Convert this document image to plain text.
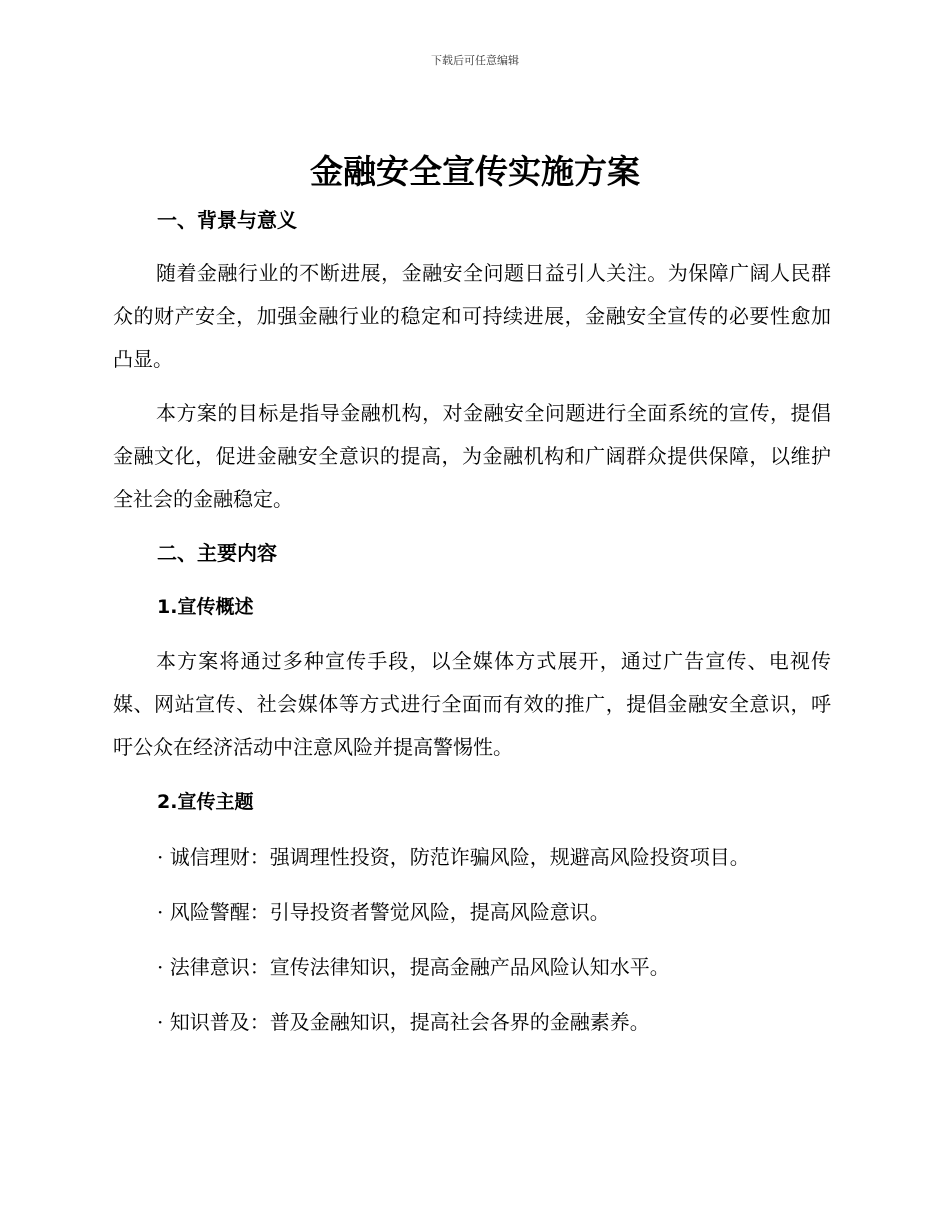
下载后可任意编辑
金融安全宣传实施方案
一、背景与意义

随着金融行业的不断进展，金融安全问题日益引人关注。为保障广阔人民群众的财产安全，加强金融行业的稳定和可持续进展，金融安全宣传的必要性愈加凸显。

本方案的目标是指导金融机构，对金融安全问题进行全面系统的宣传，提倡金融文化，促进金融安全意识的提高，为金融机构和广阔群众提供保障，以维护全社会的金融稳定。

二、主要内容
1.宣传概述

本方案将通过多种宣传手段，以全媒体方式展开，通过广告宣传、电视传媒、网站宣传、社会媒体等方式进行全面而有效的推广，提倡金融安全意识，呼吁公众在经济活动中注意风险并提高警惕性。

2.宣传主题

· 诚信理财：强调理性投资，防范诈骗风险，规避高风险投资项目。

· 风险警醒：引导投资者警觉风险，提高风险意识。

· 法律意识：宣传法律知识，提高金融产品风险认知水平。

· 知识普及：普及金融知识，提高社会各界的金融素养。
